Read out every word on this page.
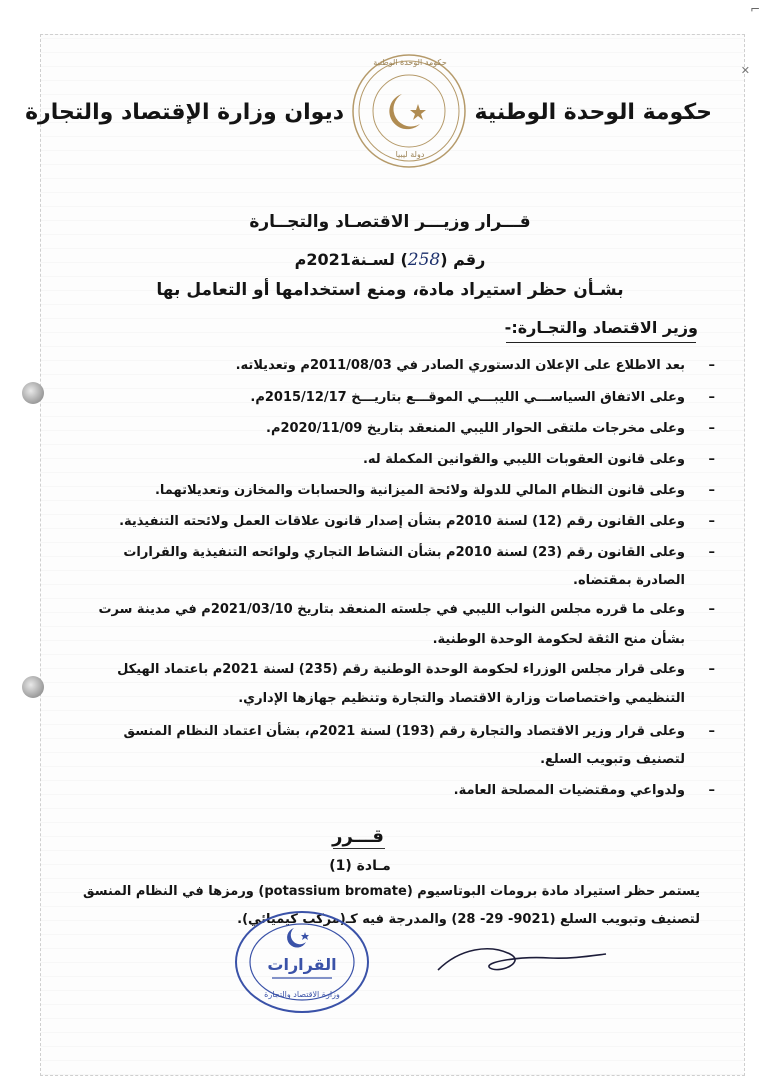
⌐
✕
حكومة الوحدة الوطنية
ديوان وزارة الإقتصاد والتجارة
حكومة الوحدة الوطنية
دولة ليبيا
قـــرار وزيـــر الاقتصـاد والتجــارة
رقم (258) لسـنة2021م
بشـأن حظر استيراد مادة، ومنع استخدامها أو التعامل بها
وزير الاقتصاد والتجـارة:-
–
بعد الاطلاع على الإعلان الدستوري الصادر في 2011/08/03م وتعديلاته.
–
وعلى الاتفاق السياســـي الليبـــي الموقـــع بتاريـــخ 2015/12/17م.
–
وعلى مخرجات ملتقى الحوار الليبي المنعقد بتاريخ 2020/11/09م.
–
وعلى قانون العقوبات الليبي والقوانين المكملة له.
–
وعلى قانون النظام المالي للدولة ولائحة الميزانية والحسابات والمخازن وتعديلاتهما.
–
وعلى القانون رقم (12) لسنة 2010م بشأن إصدار قانون علاقات العمل ولائحته التنفيذية.
–
وعلى القانون رقم (23) لسنة 2010م بشأن النشاط التجاري ولوائحه التنفيذية والقرارات
الصادرة بمقتضاه.
–
وعلى ما قرره مجلس النواب الليبي في جلسته المنعقد بتاريخ 2021/03/10م في مدينة سرت
بشأن منح الثقة لحكومة الوحدة الوطنية.
–
وعلى قرار مجلس الوزراء لحكومة الوحدة الوطنية رقم (235) لسنة 2021م باعتماد الهيكل
التنظيمي واختصاصات وزارة الاقتصاد والتجارة وتنظيم جهازها الإداري.
–
وعلى قرار وزير الاقتصاد والتجارة رقم (193) لسنة 2021م، بشأن اعتماد النظام المنسق
لتصنيف وتبويب السلع.
–
ولدواعي ومقتضيات المصلحة العامة.
قـــرر
مـادة (1)
يستمر حظر استيراد مادة برومات البوتاسيوم (potassium bromate) ورمزها في النظام المنسق
لتصنيف وتبويب السلع (9021- 29- 28) والمدرجة فيه كـ(مركب كيميائي).
القرارات
وزارة الاقتصاد والتجارة
